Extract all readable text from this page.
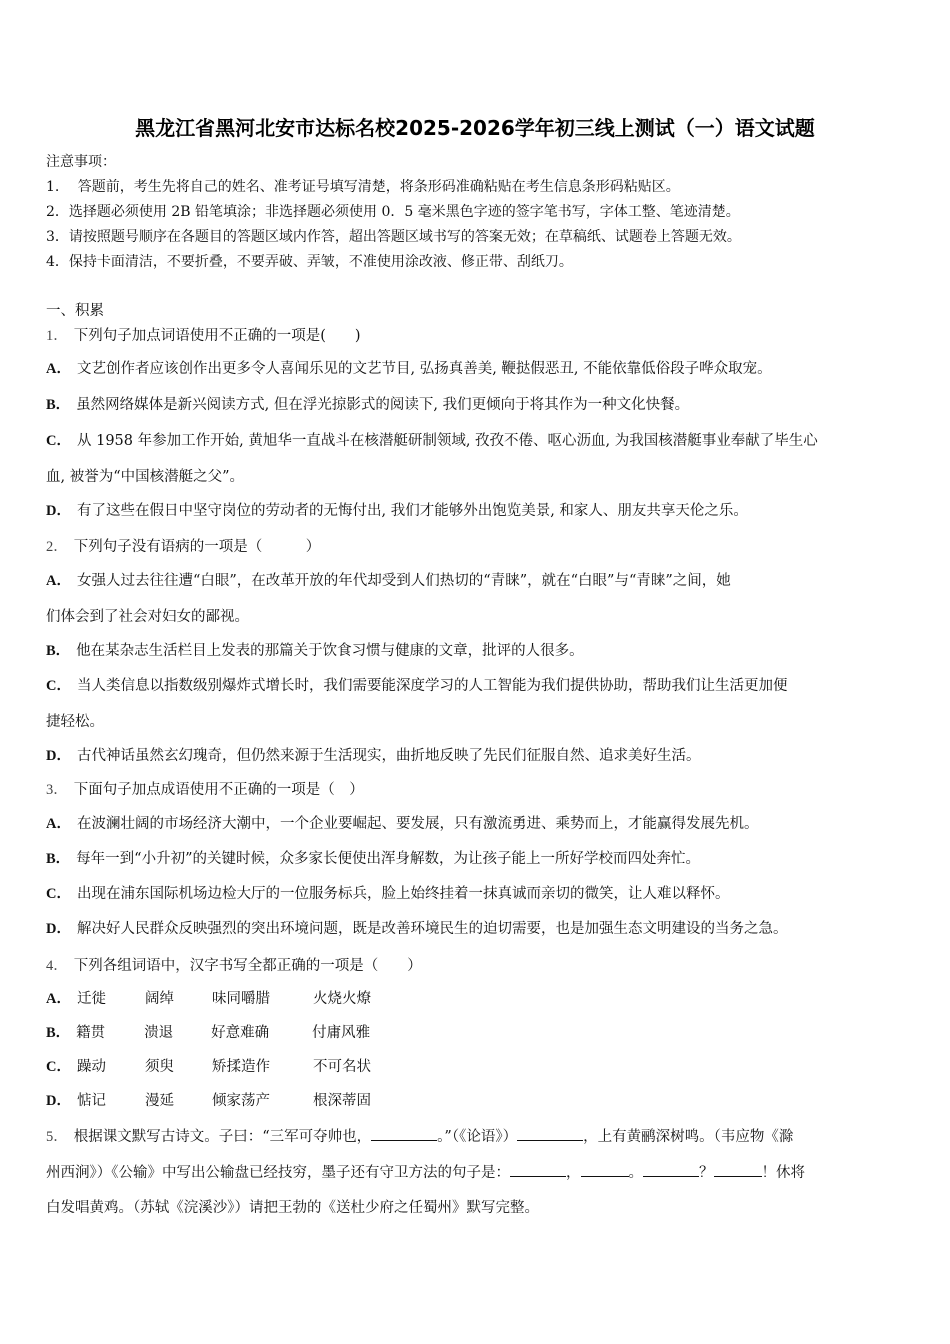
黑龙江省黑河北安市达标名校2025-2026学年初三线上测试（一）语文试题
注意事项：
1.　 答题前，考生先将自己的姓名、准考证号填写清楚，将条形码准确粘贴在考生信息条形码粘贴区。
2．选择题必须使用 2B 铅笔填涂；非选择题必须使用 0．5 毫米黑色字迹的签字笔书写，字体工整、笔迹清楚。
3．请按照题号顺序在各题目的答题区域内作答，超出答题区域书写的答案无效；在草稿纸、试题卷上答题无效。
4．保持卡面清洁，不要折叠，不要弄破、弄皱，不准使用涂改液、修正带、刮纸刀。
一、积累
1． 下列句子加点词语使用不正确的一项是(　　)
A． 文艺创作者应该创作出更多令人喜闻乐见的文艺节目, 弘扬真善美, 鞭挞假恶丑, 不能依靠低俗段子哗众取宠。
B． 虽然网络媒体是新兴阅读方式, 但在浮光掠影式的阅读下, 我们更倾向于将其作为一种文化快餐。
C． 从 1958 年参加工作开始, 黄旭华一直战斗在核潜艇研制领域, 孜孜不倦、呕心沥血, 为我国核潜艇事业奉献了毕生心
血, 被誉为“中国核潜艇之父”。
D． 有了这些在假日中坚守岗位的劳动者的无悔付出, 我们才能够外出饱览美景, 和家人、朋友共享天伦之乐。
2． 下列句子没有语病的一项是（　　　）
A． 女强人过去往往遭“白眼”，在改革开放的年代却受到人们热切的“青睐”，就在“白眼”与“青睐”之间，她
们体会到了社会对妇女的鄙视。
B． 他在某杂志生活栏目上发表的那篇关于饮食习惯与健康的文章，批评的人很多。
C． 当人类信息以指数级别爆炸式增长时，我们需要能深度学习的人工智能为我们提供协助，帮助我们让生活更加便
捷轻松。
D． 古代神话虽然玄幻瑰奇，但仍然来源于生活现实，曲折地反映了先民们征服自然、追求美好生活。
3． 下面句子加点成语使用不正确的一项是（　）
A． 在波澜壮阔的市场经济大潮中，一个企业要崛起、要发展，只有激流勇进、乘势而上，才能赢得发展先机。
B． 每年一到“小升初”的关键时候，众多家长便使出浑身解数，为让孩子能上一所好学校而四处奔忙。
C． 出现在浦东国际机场边检大厅的一位服务标兵，脸上始终挂着一抹真诚而亲切的微笑，让人难以释怀。
D． 解决好人民群众反映强烈的突出环境问题，既是改善环境民生的迫切需要，也是加强生态文明建设的当务之急。
4． 下列各组词语中，汉字书写全都正确的一项是（　　）
A． 迁徙	阔绰	味同嚼腊	火烧火燎
B． 籍贯	溃退	好意难确	付庸风雅
C． 躁动	须臾	矫揉造作	不可名状
D． 惦记	漫延	倾家荡产	根深蒂固
5． 根据课文默写古诗文。子曰：“三军可夺帅也，	。”（《论语》）	，上有黄鹂深树鸣。（韦应物《滁
州西涧》）《公输》中写出公输盘已经技穷，墨子还有守卫方法的句子是：	，	。	？	！休将
白发唱黄鸡。（苏轼《浣溪沙》）请把王勃的《送杜少府之任蜀州》默写完整。
